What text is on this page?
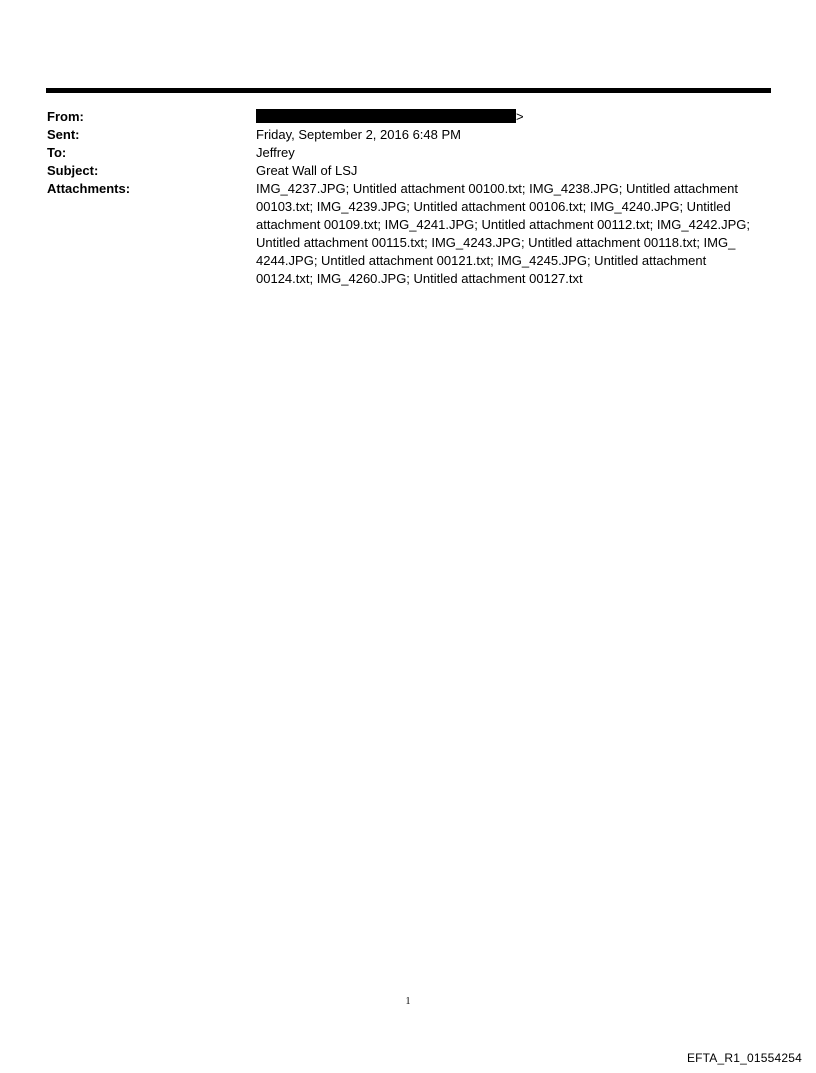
From:	>
Sent:	Friday, September 2, 2016 6:48 PM
To:	Jeffrey
Subject:	Great Wall of LSJ
Attachments:	IMG_4237.JPG; Untitled attachment 00100.txt; IMG_4238.JPG; Untitled attachment 00103.txt; IMG_4239.JPG; Untitled attachment 00106.txt; IMG_4240.JPG; Untitled attachment 00109.txt; IMG_4241.JPG; Untitled attachment 00112.txt; IMG_4242.JPG; Untitled attachment 00115.txt; IMG_4243.JPG; Untitled attachment 00118.txt; IMG_ 4244.JPG; Untitled attachment 00121.txt; IMG_4245.JPG; Untitled attachment 00124.txt; IMG_4260.JPG; Untitled attachment 00127.txt
1
EFTA_R1_01554254
